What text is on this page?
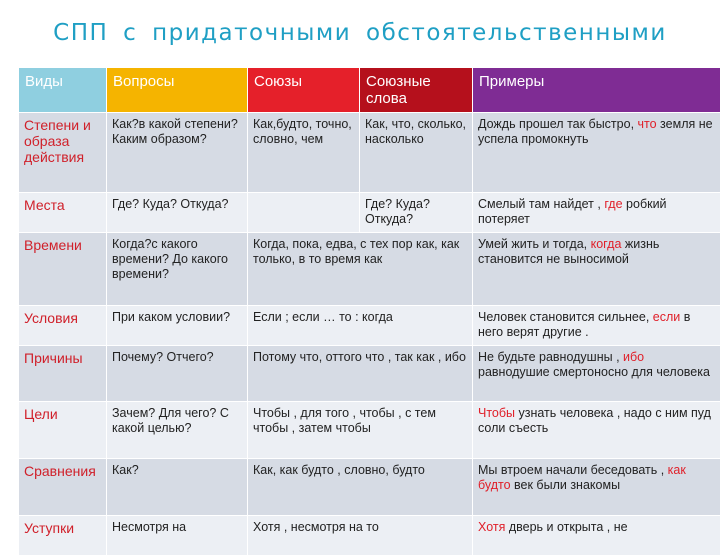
СПП с придаточными обстоятельственными
Виды	Вопросы	Союзы	Союзные слова	Примеры
Степени и образа действия	Как?в какой степени? Каким образом?	Как,будто, точно, словно, чем	Как, что, сколько, насколько	Дождь прошел так быстро, что земля не успела промокнуть
Места	Где? Куда? Откуда?		Где? Куда? Откуда?	Смелый там найдет , где робкий потеряет
Времени	Когда?с какого времени? До какого времени?	Когда, пока, едва, с тех пор как, как только, в то время как		Умей жить и тогда, когда жизнь становится не выносимой
Условия	При каком условии?	Если ; если … то : когда		Человек становится сильнее, если в него верят другие .
Причины	Почему? Отчего?	Потому что, оттого что , так как , ибо		Не будьте равнодушны , ибо равнодушие смертоносно для человека
Цели	Зачем? Для чего? С какой целью?	Чтобы , для того , чтобы , с тем чтобы , затем чтобы		Чтобы узнать человека , надо с ним пуд соли съесть
Сравнения	Как?	Как, как будто , словно, будто		Мы втроем начали беседовать , как будто век были знакомы
Уступки	Несмотря на	Хотя , несмотря на то		Хотя дверь и открыта , не
